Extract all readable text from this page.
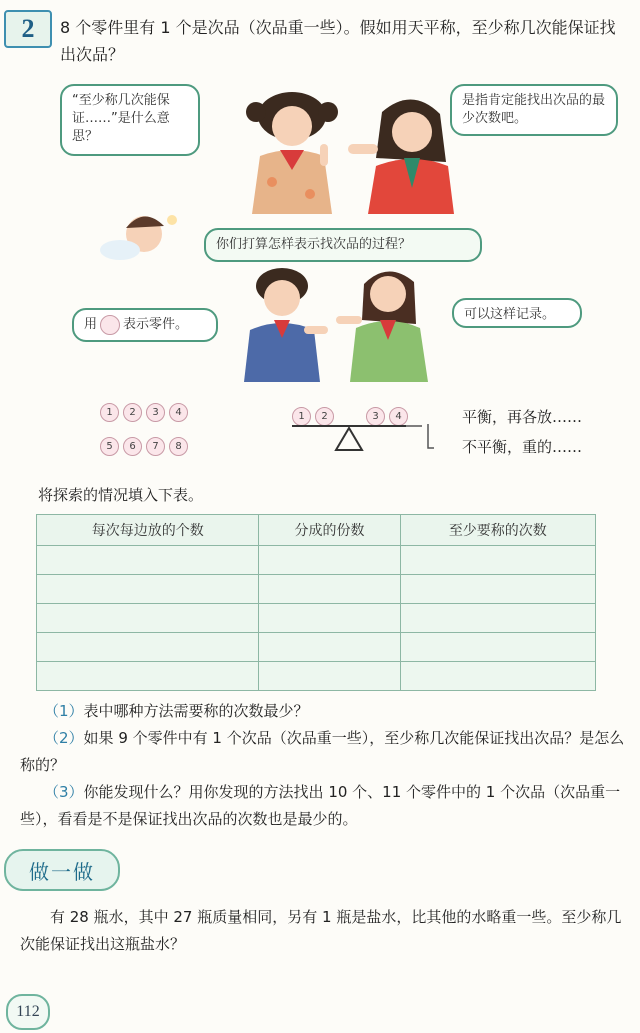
2 8 个零件里有 1 个是次品（次品重一些）。假如用天平称，至少称几次能保证找出次品？
“至少称几次能保证……”是什么意思？
是指肯定能找出次品的最少次数吧。
你们打算怎样表示找次品的过程？
用 表示零件。
可以这样记录。
1 2 3 4
5 6 7 8
1 2	3 4	平衡，再各放……
不平衡，重的……
将探索的情况填入下表。
每次每边放的个数	分成的份数	至少要称的次数

（1）表中哪种方法需要称的次数最少？
（2）如果 9 个零件中有 1 个次品（次品重一些），至少称几次能保证找出次品？是怎么称的？
（3）你能发现什么？用你发现的方法找出 10 个、11 个零件中的 1 个次品（次品重一些），看看是不是保证找出次品的次数也是最少的。
做一做
有 28 瓶水，其中 27 瓶质量相同，另有 1 瓶是盐水，比其他的水略重一些。至少称几次能保证找出这瓶盐水？
112
